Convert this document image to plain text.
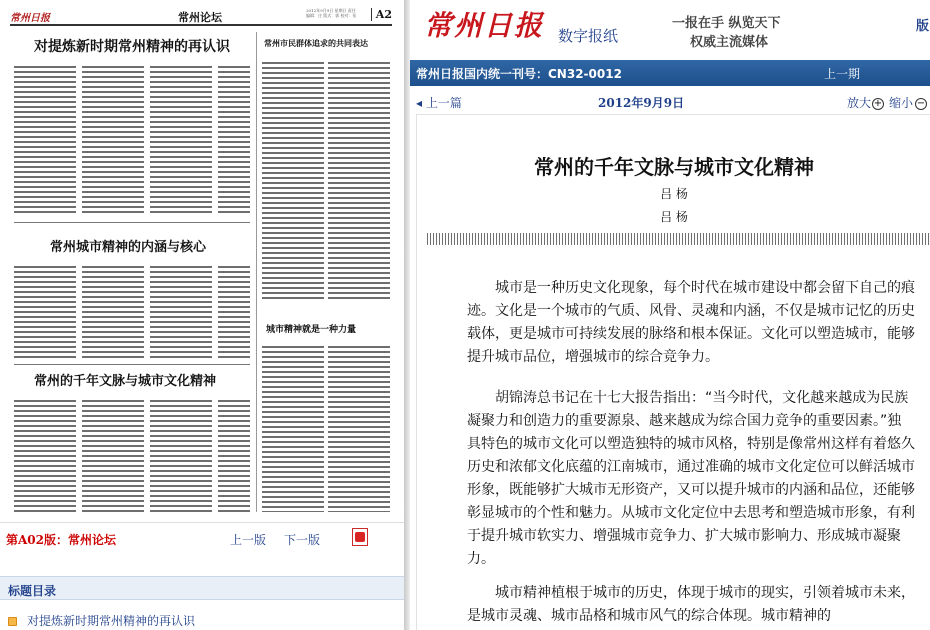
常州日报	常州论坛
2012年9月9日 星期日 责任编辑：庄 版式：郭 校对：张	A2
对提炼新时期常州精神的再认识	常州市民群体追求的共同表达
常州城市精神的内涵与核心
城市精神就是一种力量
常州的千年文脉与城市文化精神
第A02版：常州论坛	上一版 下一版
标题目录
对提炼新时期常州精神的再认识
常州日报 数字报纸
一报在手 纵览天下
权威主流媒体
版
常州日报国内统一刊号：CN32-0012	上一期
◂ 上一篇	2012年9月9日	放大 + 缩小 −
常州的千年文脉与城市文化精神
吕 杨
吕 杨

城市是一种历史文化现象，每个时代在城市建设中都会留下自己的痕迹。文化是一个城市的气质、风骨、灵魂和内涵，不仅是城市记忆的历史载体，更是城市可持续发展的脉络和根本保证。文化可以塑造城市，能够提升城市品位，增强城市的综合竞争力。

胡锦涛总书记在十七大报告指出：“当今时代，文化越来越成为民族凝聚力和创造力的重要源泉、越来越成为综合国力竞争的重要因素。”独具特色的城市文化可以塑造独特的城市风格，特别是像常州这样有着悠久历史和浓郁文化底蕴的江南城市，通过准确的城市文化定位可以鲜活城市形象，既能够扩大城市无形资产，又可以提升城市的内涵和品位，还能够彰显城市的个性和魅力。从城市文化定位中去思考和塑造城市形象，有利于提升城市软实力、增强城市竞争力、扩大城市影响力、形成城市凝聚力。

城市精神植根于城市的历史，体现于城市的现实，引领着城市未来，是城市灵魂、城市品格和城市风气的综合体现。城市精神的
